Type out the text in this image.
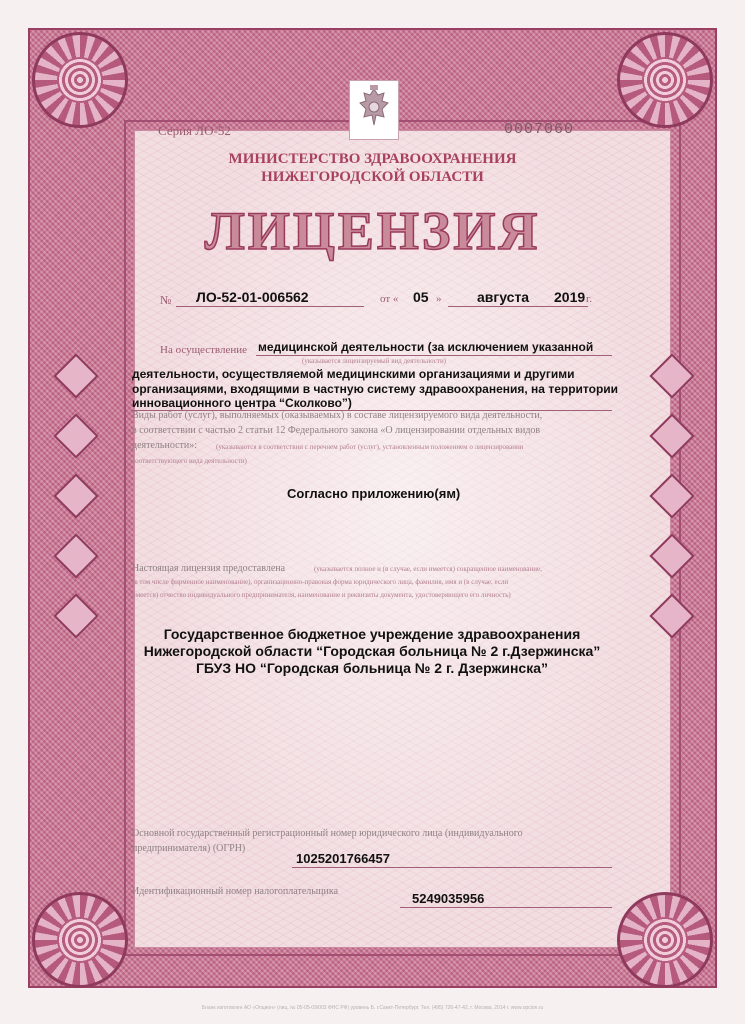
Серия ЛО-52	0007060
МИНИСТЕРСТВО ЗДРАВООХРАНЕНИЯ
НИЖЕГОРОДСКОЙ ОБЛАСТИ
ЛИЦЕНЗИЯ
№ ЛО-52-01-006562	от « 05 »	августа 2019 г.
На осуществление медицинской деятельности (за исключением указанной
(указывается лицензируемый вид деятельности)
деятельности, осуществляемой медицинскими организациями и другими
организациями, входящими в частную систему здравоохранения, на территории
инновационного центра “Сколково”)
Виды работ (услуг), выполняемых (оказываемых) в составе лицензируемого вида деятельности,
в соответствии с частью 2 статьи 12 Федерального закона «О лицензировании отдельных видов
деятельности»:	(указываются в соответствии с перечнем работ (услуг), установленным положением о лицензировании
соответствующего вида деятельности)
Согласно приложению(ям)
Настоящая лицензия предоставлена	(указывается полное и (в случае, если имеется) сокращенное наименование,
(в том числе фирменное наименование), организационно-правовая форма юридического лица, фамилия, имя и (в случае, если
имеется) отчество индивидуального предпринимателя, наименование и реквизиты документа, удостоверяющего его личность)
Государственное бюджетное учреждение здравоохранения
Нижегородской области “Городская больница № 2 г.Дзержинска”
ГБУЗ НО “Городская больница № 2 г. Дзержинска”
Основной государственный регистрационный номер юридического лица (индивидуального
предпринимателя) (ОГРН)
1025201766457
Идентификационный номер налогоплательщика	5249035956
Бланк изготовлен АО «Опцион» (лиц. № 05-05-09/003 ФНС РФ) уровень Б. г.Санкт-Петербург. Тел. (495) 726-47-42, г. Москва, 2014 г. www.opcion.ru
